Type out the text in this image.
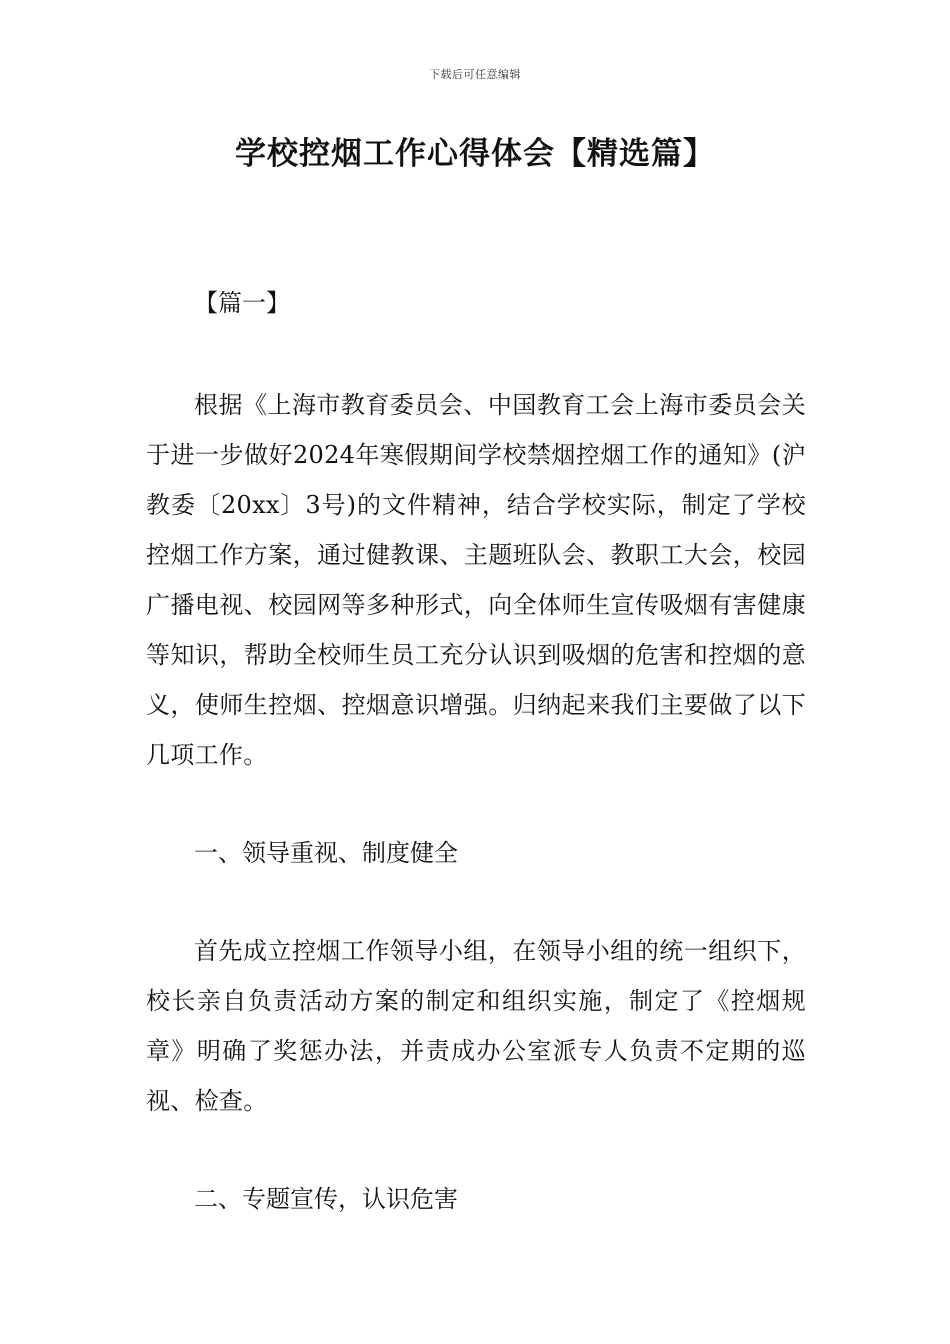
下载后可任意编辑
学校控烟工作心得体会【精选篇】

【篇一】

根据《上海市教育委员会、中国教育工会上海市委员会关于进一步做好2024年寒假期间学校禁烟控烟工作的通知》(沪教委〔20xx〕3号)的文件精神，结合学校实际，制定了学校控烟工作方案，通过健教课、主题班队会、教职工大会，校园广播电视、校园网等多种形式，向全体师生宣传吸烟有害健康等知识，帮助全校师生员工充分认识到吸烟的危害和控烟的意义，使师生控烟、控烟意识增强。归纳起来我们主要做了以下几项工作。

一、领导重视、制度健全

首先成立控烟工作领导小组，在领导小组的统一组织下，校长亲自负责活动方案的制定和组织实施，制定了《控烟规章》明确了奖惩办法，并责成办公室派专人负责不定期的巡视、检查。

二、专题宣传，认识危害
